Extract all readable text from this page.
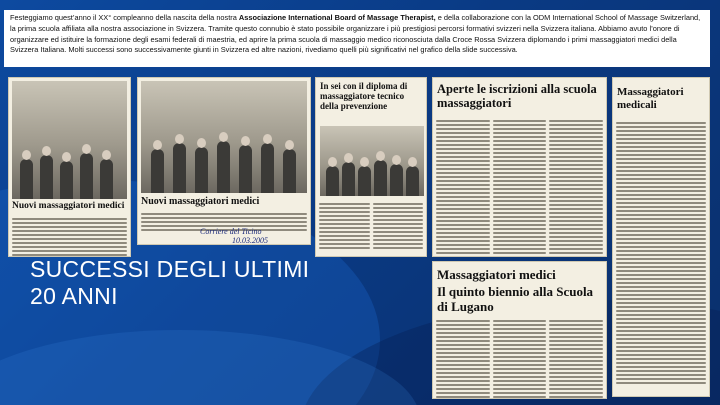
Festeggiamo quest’anno il XX° compleanno della nascita della nostra Associazione International Board of Massage Therapist, e della collaborazione con la ODM International School of Massage Switzerland, la prima scuola affiliata alla nostra associazione in Svizzera. Tramite questo connubio è stato possibile organizzare i più prestigiosi percorsi formativi svizzeri nella Svizzera italiana. Abbiamo avuto l’onore di organizzare ed istituire la formazione degli esami federali di maestria, ed aprire la prima scuola di massaggio medico riconosciuta dalla Croce Rossa Svizzera diplomando i primi massaggiatori medici della Svizzera Italiana. Molti successi sono successivamente giunti in Svizzera ed altre nazioni, rivediamo quelli più significativi nel grafico della slide successiva.

Nuovi massaggiatori medici Nuovi massaggiatori medici

Corriere del Ticino
10.03.2005

In sei con il diploma di massaggiatore tecnico della prevenzione

Aperte le iscrizioni alla scuola massaggiatori

Massaggiatori medicali

Massaggiatori medici

Il quinto biennio alla Scuola di Lugano

SUCCESSI DEGLI ULTIMI
20 ANNI
